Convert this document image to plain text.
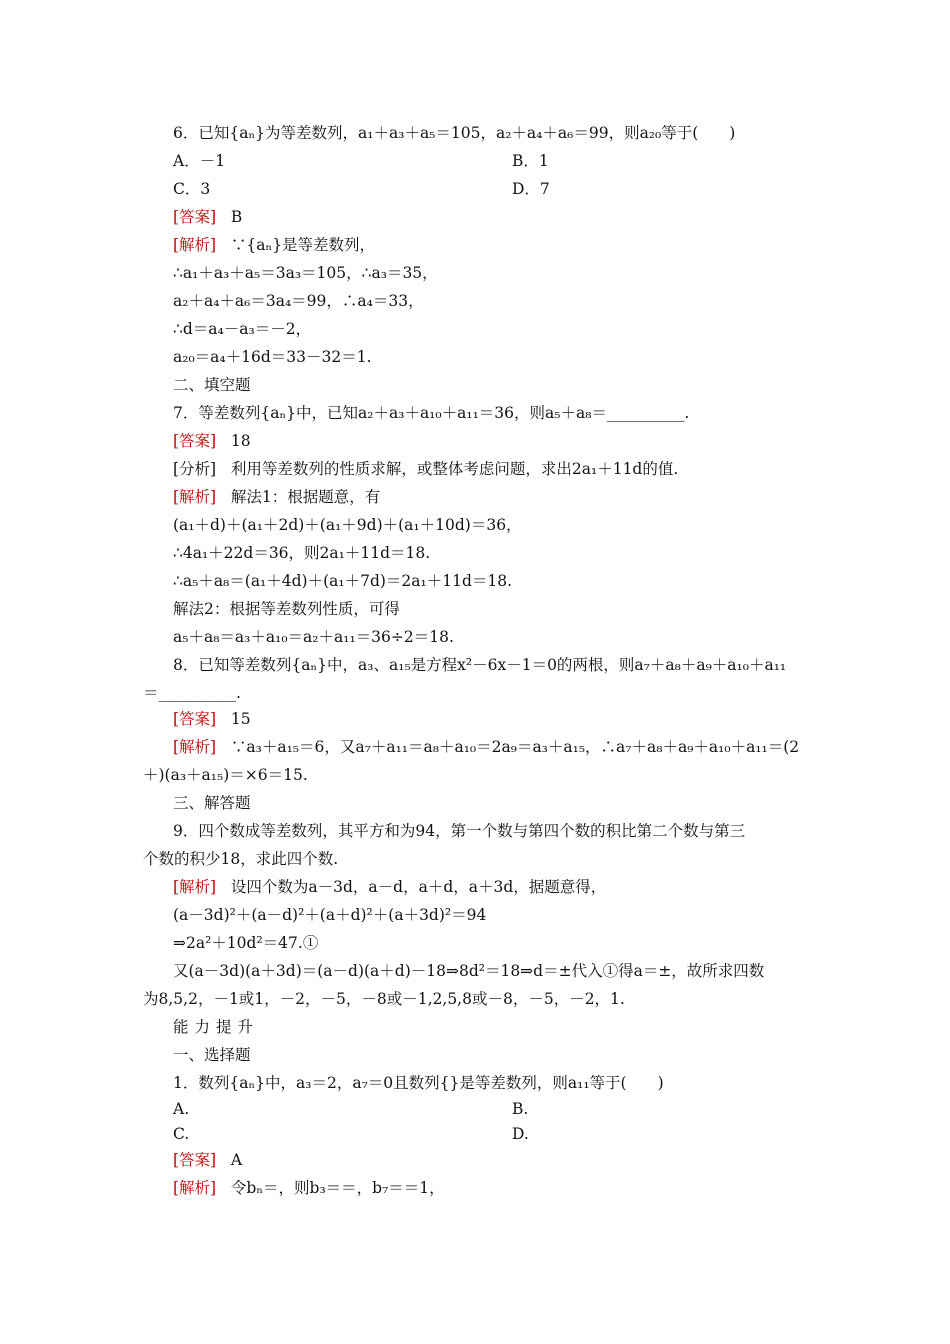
6．已知{aₙ}为等差数列，a₁＋a₃＋a₅＝105，a₂＋a₄＋a₆＝99，则a₂₀等于(　　)
A．－1	B．1
C．3	D．7
[答案] B
[解析] ∵{aₙ}是等差数列，
∴a₁＋a₃＋a₅＝3a₃＝105，∴a₃＝35，
a₂＋a₄＋a₆＝3a₄＝99，∴a₄＝33，
∴d＝a₄－a₃＝－2，
a₂₀＝a₄＋16d＝33－32＝1.
二、填空题
7．等差数列{aₙ}中，已知a₂＋a₃＋a₁₀＋a₁₁＝36，则a₅＋a₈＝__________.
[答案] 18
[分析] 利用等差数列的性质求解，或整体考虑问题，求出2a₁＋11d的值.
[解析] 解法1：根据题意，有
(a₁＋d)＋(a₁＋2d)＋(a₁＋9d)＋(a₁＋10d)＝36，
∴4a₁＋22d＝36，则2a₁＋11d＝18.
∴a₅＋a₈＝(a₁＋4d)＋(a₁＋7d)＝2a₁＋11d＝18.
解法2：根据等差数列性质，可得
a₅＋a₈＝a₃＋a₁₀＝a₂＋a₁₁＝36÷2＝18.
8．已知等差数列{aₙ}中，a₃、a₁₅是方程x²－6x－1＝0的两根，则a₇＋a₈＋a₉＋a₁₀＋a₁₁
＝__________.
[答案] 15
[解析] ∵a₃＋a₁₅＝6，又a₇＋a₁₁＝a₈＋a₁₀＝2a₉＝a₃＋a₁₅，∴a₇＋a₈＋a₉＋a₁₀＋a₁₁＝(2
＋)(a₃＋a₁₅)＝×6＝15.
三、解答题
9．四个数成等差数列，其平方和为94，第一个数与第四个数的积比第二个数与第三
个数的积少18，求此四个数.
[解析] 设四个数为a－3d，a－d，a＋d，a＋3d，据题意得，
(a－3d)²＋(a－d)²＋(a＋d)²＋(a＋3d)²＝94
⇒2a²＋10d²＝47.①
又(a－3d)(a＋3d)＝(a－d)(a＋d)－18⇒8d²＝18⇒d＝±代入①得a＝±，故所求四数
为8,5,2，－1或1，－2，－5，－8或－1,2,5,8或－8，－5，－2，1.
能力提升
一、选择题
1．数列{aₙ}中，a₃＝2，a₇＝0且数列{}是等差数列，则a₁₁等于(　　)
A.	B.
C.	D.
[答案] A
[解析] 令bₙ＝，则b₃＝＝，b₇＝＝1，
